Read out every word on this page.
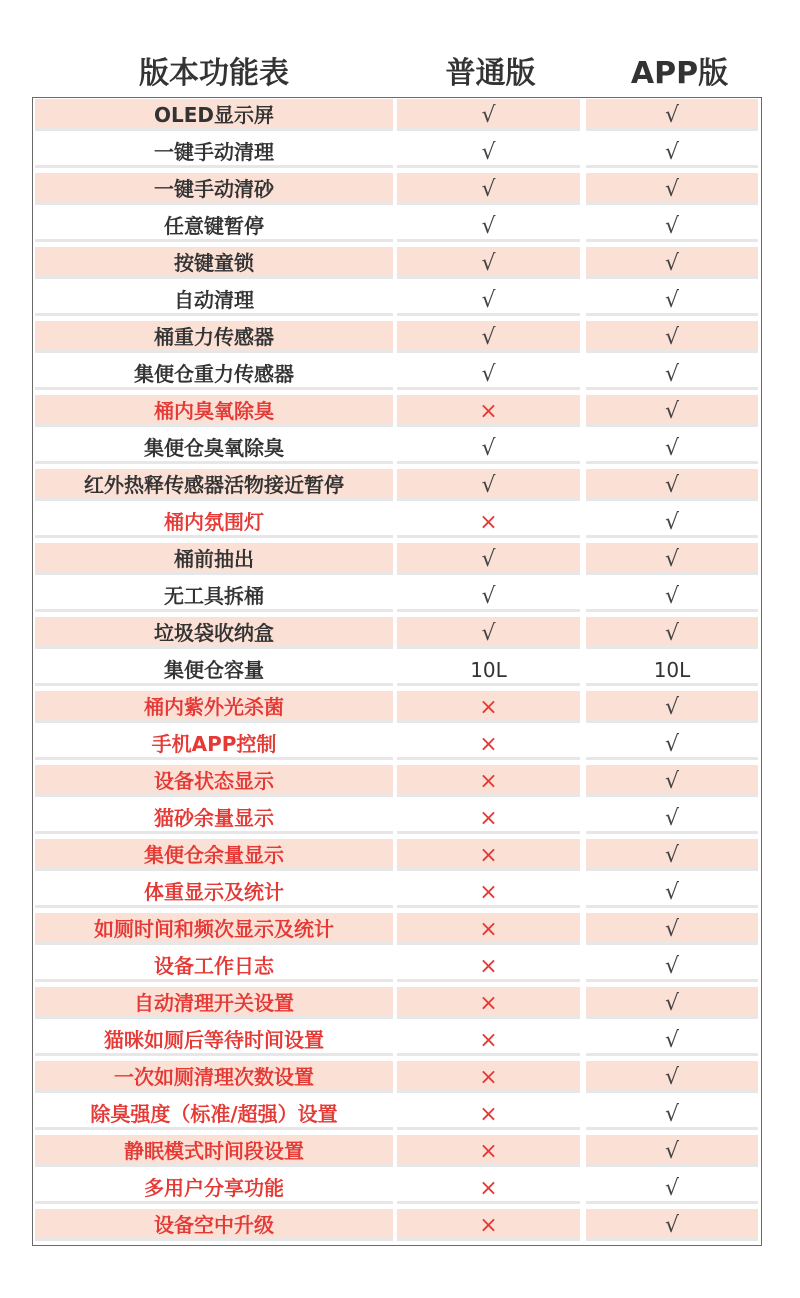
版本功能表	普通版	APP版
OLED显示屏	√	√
一键手动清理	√	√
一键手动清砂	√	√
任意键暂停	√	√
按键童锁	√	√
自动清理	√	√
桶重力传感器	√	√
集便仓重力传感器	√	√
桶内臭氧除臭	×	√
集便仓臭氧除臭	√	√
红外热释传感器活物接近暂停	√	√
桶内氛围灯	×	√
桶前抽出	√	√
无工具拆桶	√	√
垃圾袋收纳盒	√	√
集便仓容量	10L	10L
桶内紫外光杀菌	×	√
手机APP控制	×	√
设备状态显示	×	√
猫砂余量显示	×	√
集便仓余量显示	×	√
体重显示及统计	×	√
如厕时间和频次显示及统计	×	√
设备工作日志	×	√
自动清理开关设置	×	√
猫咪如厕后等待时间设置	×	√
一次如厕清理次数设置	×	√
除臭强度（标准/超强）设置	×	√
静眠模式时间段设置	×	√
多用户分享功能	×	√
设备空中升级	×	√
